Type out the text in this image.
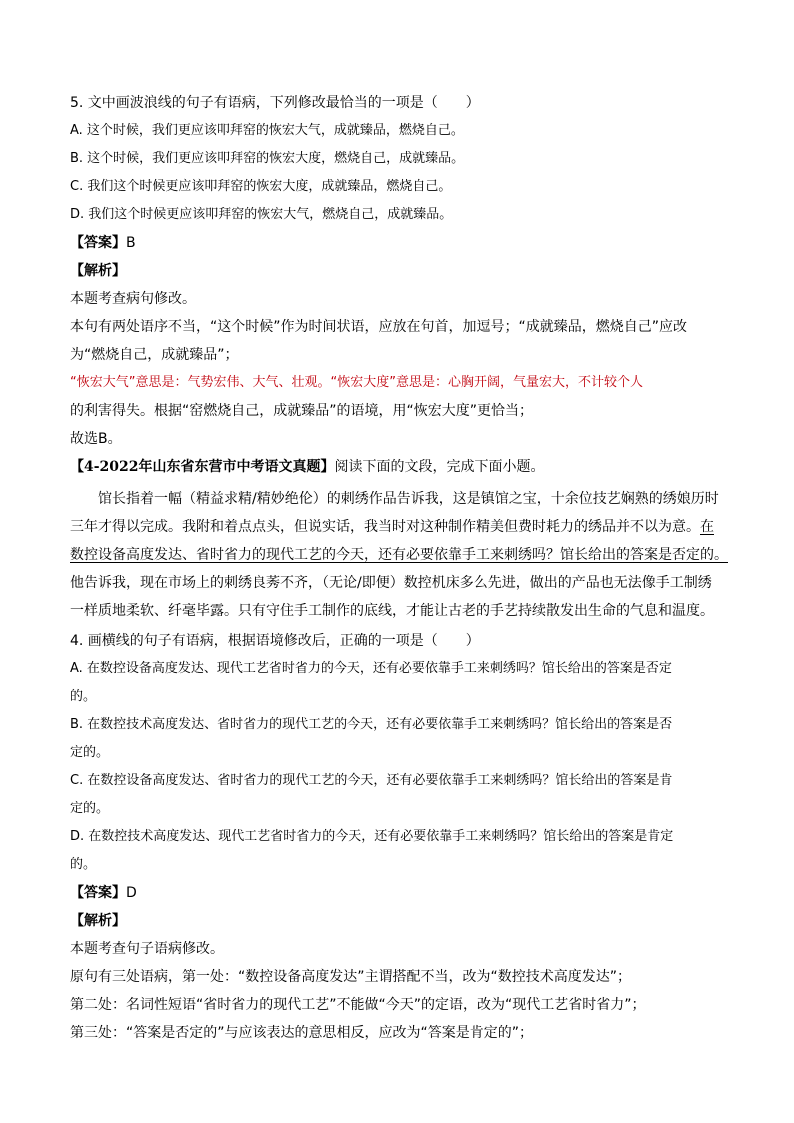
5. 文中画波浪线的句子有语病，下列修改最恰当的一项是（　　）
A. 这个时候，我们更应该叩拜窑的恢宏大气，成就臻品，燃烧自己。
B. 这个时候，我们更应该叩拜窑的恢宏大度，燃烧自己，成就臻品。
C. 我们这个时候更应该叩拜窑的恢宏大度，成就臻品，燃烧自己。
D. 我们这个时候更应该叩拜窑的恢宏大气，燃烧自己，成就臻品。
【答案】B
【解析】
本题考查病句修改。
本句有两处语序不当，“这个时候”作为时间状语，应放在句首，加逗号；“成就臻品，燃烧自己”应改
为“燃烧自己，成就臻品”；
“恢宏大气”意思是：气势宏伟、大气、壮观。“恢宏大度”意思是：心胸开阔，气量宏大，不计较个人
的利害得失。根据“窑燃烧自己，成就臻品”的语境，用“恢宏大度”更恰当；
故选B。
【4-2022年山东省东营市中考语文真题】阅读下面的文段，完成下面小题。
馆长指着一幅（精益求精/精妙绝伦）的刺绣作品告诉我，这是镇馆之宝，十余位技艺娴熟的绣娘历时
三年才得以完成。我附和着点点头，但说实话，我当时对这种制作精美但费时耗力的绣品并不以为意。在
数控设备高度发达、省时省力的现代工艺的今天，还有必要依靠手工来刺绣吗？馆长给出的答案是否定的。
他告诉我，现在市场上的刺绣良莠不齐，（无论/即便）数控机床多么先进，做出的产品也无法像手工制绣
一样质地柔软、纤毫毕露。只有守住手工制作的底线，才能让古老的手艺持续散发出生命的气息和温度。
4. 画横线的句子有语病，根据语境修改后，正确的一项是（　　）
A. 在数控设备高度发达、现代工艺省时省力的今天，还有必要依靠手工来刺绣吗？馆长给出的答案是否定
的。
B. 在数控技术高度发达、省时省力的现代工艺的今天，还有必要依靠手工来刺绣吗？馆长给出的答案是否
定的。
C. 在数控设备高度发达、省时省力的现代工艺的今天，还有必要依靠手工来刺绣吗？馆长给出的答案是肯
定的。
D. 在数控技术高度发达、现代工艺省时省力的今天，还有必要依靠手工来刺绣吗？馆长给出的答案是肯定
的。
【答案】D
【解析】
本题考查句子语病修改。
原句有三处语病，第一处：“数控设备高度发达”主谓搭配不当，改为“数控技术高度发达”；
第二处：名词性短语“省时省力的现代工艺”不能做“今天”的定语，改为“现代工艺省时省力”；
第三处：“答案是否定的”与应该表达的意思相反，应改为“答案是肯定的”；
